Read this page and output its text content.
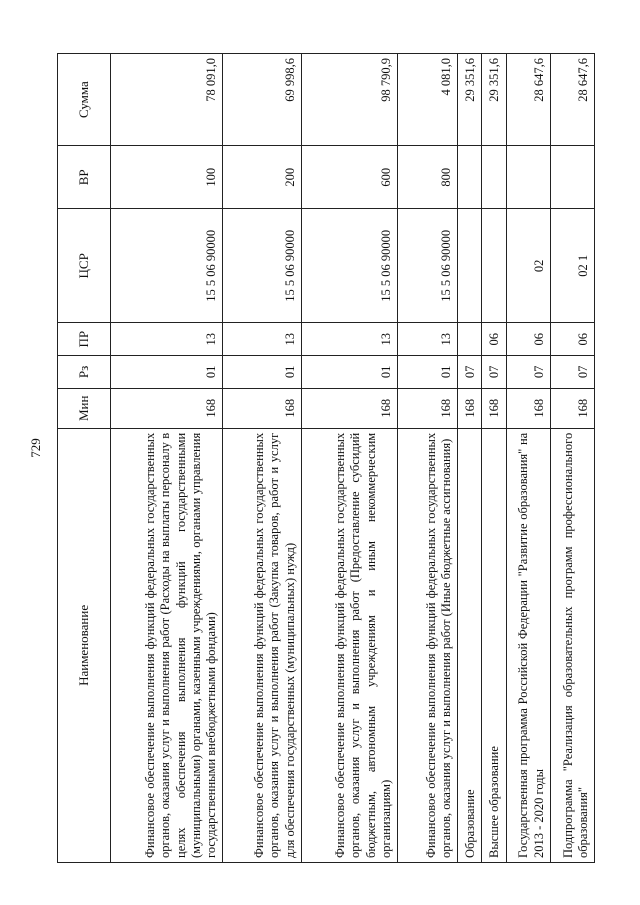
729
Наименование	Мин	Рз	ПР	ЦСР	ВР	Сумма
Финансовое обеспечение выполнения функций федеральных государственных органов, оказания услуг и выполнения работ (Расходы на выплаты персоналу в целях обеспечения выполнения функций государственными (муниципальными) органами, казенными учреждениями, органами управления государственными внебюджетными фондами)	168	01	13	15 5 06 90000	100	78 091,0
Финансовое обеспечение выполнения функций федеральных государственных органов, оказания услуг и выполнения работ (Закупка товаров, работ и услуг для обеспечения государственных (муниципальных) нужд)	168	01	13	15 5 06 90000	200	69 998,6
Финансовое обеспечение выполнения функций федеральных государственных органов, оказания услуг и выполнения работ (Предоставление субсидий бюджетным, автономным учреждениям и иным некоммерческим организациям)	168	01	13	15 5 06 90000	600	98 790,9
Финансовое обеспечение выполнения функций федеральных государственных органов, оказания услуг и выполнения работ (Иные бюджетные ассигнования)	168	01	13	15 5 06 90000	800	4 081,0
Образование	168	07				29 351,6
Высшее образование	168	07	06			29 351,6
Государственная программа Российской Федерации "Развитие образования" на 2013 - 2020 годы	168	07	06	02		28 647,6
Подпрограмма "Реализация образовательных программ профессионального образования"	168	07	06	02 1		28 647,6
